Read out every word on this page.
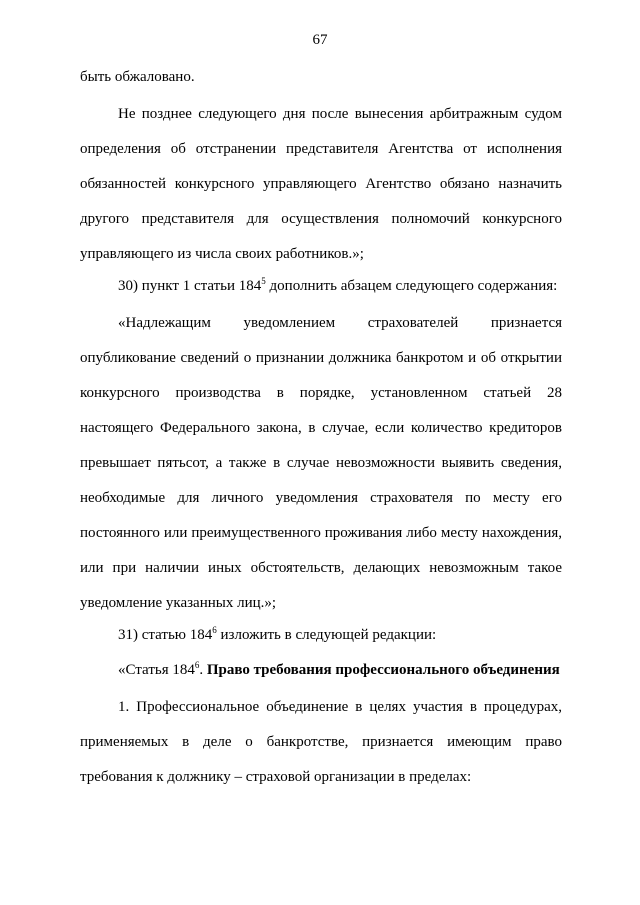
67
быть обжаловано.
Не позднее следующего дня после вынесения арбитражным судом
определения об отстранении представителя Агентства от исполнения
обязанностей конкурсного управляющего Агентство обязано назначить
другого представителя для осуществления полномочий конкурсного
управляющего из числа своих работников.»;
30) пункт 1 статьи $184^5$ дополнить абзацем следующего содержания:
«Надлежащим уведомлением страхователей признается
опубликование сведений о признании должника банкротом и об открытии
конкурсного производства в порядке, установленном статьей 28
настоящего Федерального закона, в случае, если количество кредиторов
превышает пятьсот, а также в случае невозможности выявить сведения,
необходимые для личного уведомления страхователя по месту его
постоянного или преимущественного проживания либо месту нахождения,
или при наличии иных обстоятельств, делающих невозможным такое
уведомление указанных лиц.»;
31) статью $184^6$ изложить в следующей редакции:
«Статья $184^6$. Право требования профессионального объединения
1. Профессиональное объединение в целях участия в процедурах,
применяемых в деле о банкротстве, признается имеющим право
требования к должнику – страховой организации в пределах:
